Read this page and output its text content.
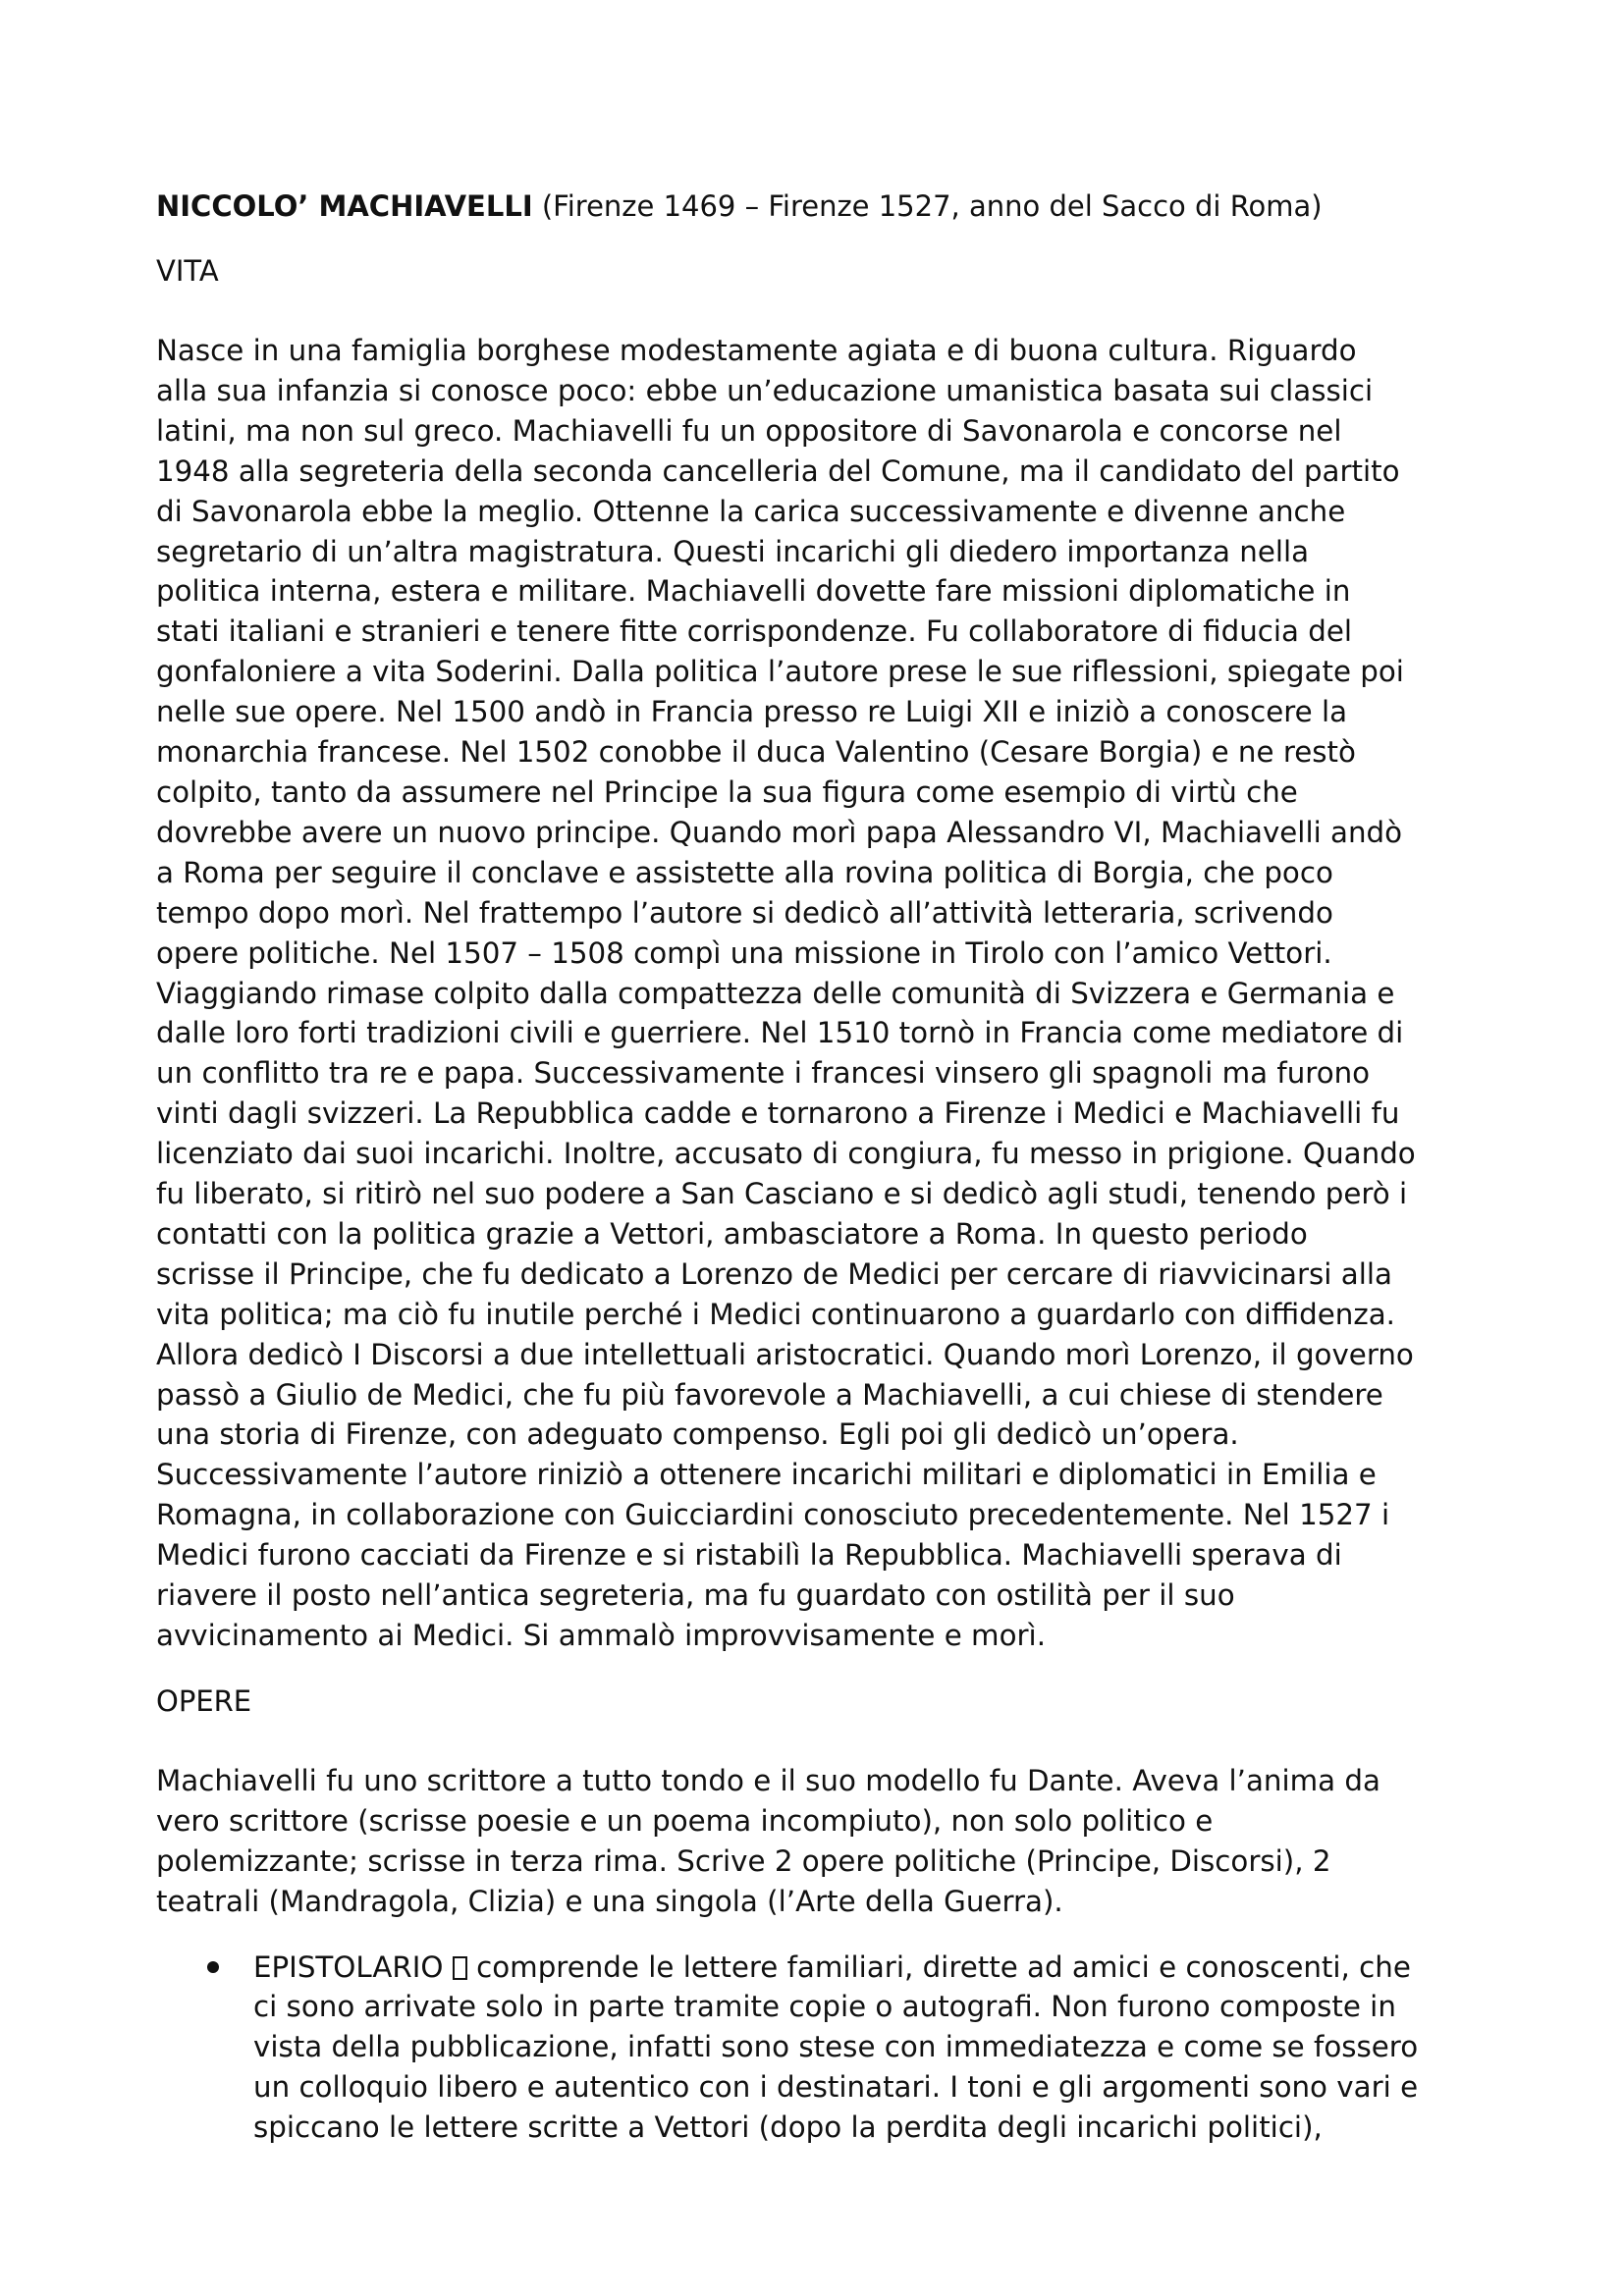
NICCOLO’ MACHIAVELLI (Firenze 1469 – Firenze 1527, anno del Sacco di Roma)

VITA

Nasce in una famiglia borghese modestamente agiata e di buona cultura. Riguardo
alla sua infanzia si conosce poco: ebbe un’educazione umanistica basata sui classici
latini, ma non sul greco. Machiavelli fu un oppositore di Savonarola e concorse nel
1948 alla segreteria della seconda cancelleria del Comune, ma il candidato del partito
di Savonarola ebbe la meglio. Ottenne la carica successivamente e divenne anche
segretario di un’altra magistratura. Questi incarichi gli diedero importanza nella
politica interna, estera e militare. Machiavelli dovette fare missioni diplomatiche in
stati italiani e stranieri e tenere fitte corrispondenze. Fu collaboratore di fiducia del
gonfaloniere a vita Soderini. Dalla politica l’autore prese le sue riflessioni, spiegate poi
nelle sue opere. Nel 1500 andò in Francia presso re Luigi XII e iniziò a conoscere la
monarchia francese. Nel 1502 conobbe il duca Valentino (Cesare Borgia) e ne restò
colpito, tanto da assumere nel Principe la sua figura come esempio di virtù che
dovrebbe avere un nuovo principe. Quando morì papa Alessandro VI, Machiavelli andò
a Roma per seguire il conclave e assistette alla rovina politica di Borgia, che poco
tempo dopo morì. Nel frattempo l’autore si dedicò all’attività letteraria, scrivendo
opere politiche. Nel 1507 – 1508 compì una missione in Tirolo con l’amico Vettori.
Viaggiando rimase colpito dalla compattezza delle comunità di Svizzera e Germania e
dalle loro forti tradizioni civili e guerriere. Nel 1510 tornò in Francia come mediatore di
un conflitto tra re e papa. Successivamente i francesi vinsero gli spagnoli ma furono
vinti dagli svizzeri. La Repubblica cadde e tornarono a Firenze i Medici e Machiavelli fu
licenziato dai suoi incarichi. Inoltre, accusato di congiura, fu messo in prigione. Quando
fu liberato, si ritirò nel suo podere a San Casciano e si dedicò agli studi, tenendo però i
contatti con la politica grazie a Vettori, ambasciatore a Roma. In questo periodo
scrisse il Principe, che fu dedicato a Lorenzo de Medici per cercare di riavvicinarsi alla
vita politica; ma ciò fu inutile perché i Medici continuarono a guardarlo con diffidenza.
Allora dedicò I Discorsi a due intellettuali aristocratici. Quando morì Lorenzo, il governo
passò a Giulio de Medici, che fu più favorevole a Machiavelli, a cui chiese di stendere
una storia di Firenze, con adeguato compenso. Egli poi gli dedicò un’opera.
Successivamente l’autore riniziò a ottenere incarichi militari e diplomatici in Emilia e
Romagna, in collaborazione con Guicciardini conosciuto precedentemente. Nel 1527 i
Medici furono cacciati da Firenze e si ristabilì la Repubblica. Machiavelli sperava di
riavere il posto nell’antica segreteria, ma fu guardato con ostilità per il suo
avvicinamento ai Medici. Si ammalò improvvisamente e morì.

OPERE

Machiavelli fu uno scrittore a tutto tondo e il suo modello fu Dante. Aveva l’anima da
vero scrittore (scrisse poesie e un poema incompiuto), non solo politico e
polemizzante; scrisse in terza rima. Scrive 2 opere politiche (Principe, Discorsi), 2
teatrali (Mandragola, Clizia) e una singola (l’Arte della Guerra).

EPISTOLARIO comprende le lettere familiari, dirette ad amici e conoscenti, che
ci sono arrivate solo in parte tramite copie o autografi. Non furono composte in
vista della pubblicazione, infatti sono stese con immediatezza e come se fossero
un colloquio libero e autentico con i destinatari. I toni e gli argomenti sono vari e
spiccano le lettere scritte a Vettori (dopo la perdita degli incarichi politici),
